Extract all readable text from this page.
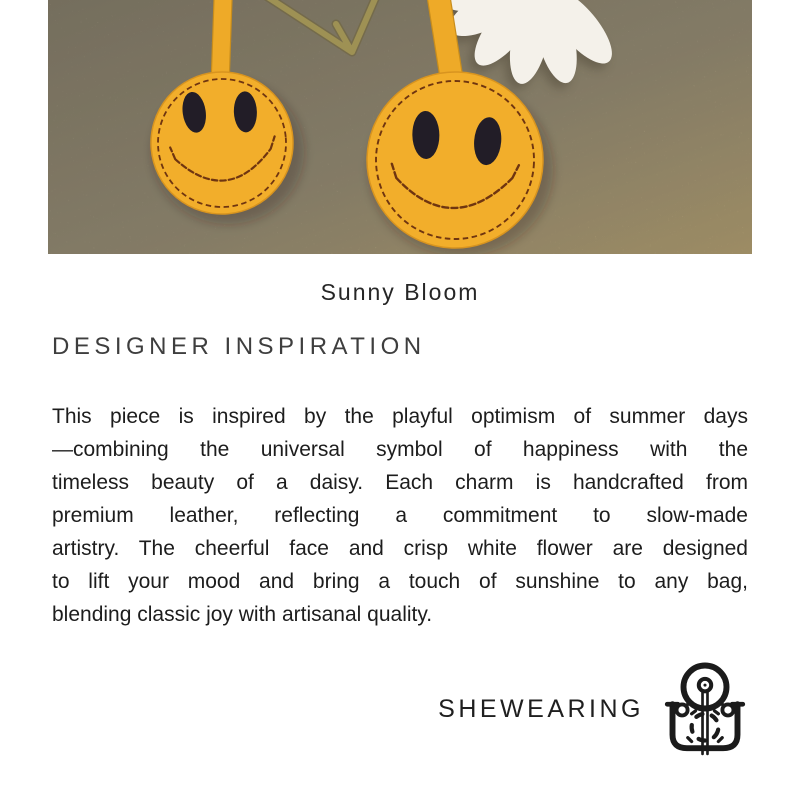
Sunny Bloom
DESIGNER INSPIRATION
This piece is inspired by the playful optimism of summer days
—combining the universal symbol of happiness with the
timeless beauty of a daisy. Each charm is handcrafted from
premium leather, reflecting a commitment to slow-made
artistry. The cheerful face and crisp white flower are designed
to lift your mood and bring a touch of sunshine to any bag,
blending classic joy with artisanal quality.
SHEWEARING
